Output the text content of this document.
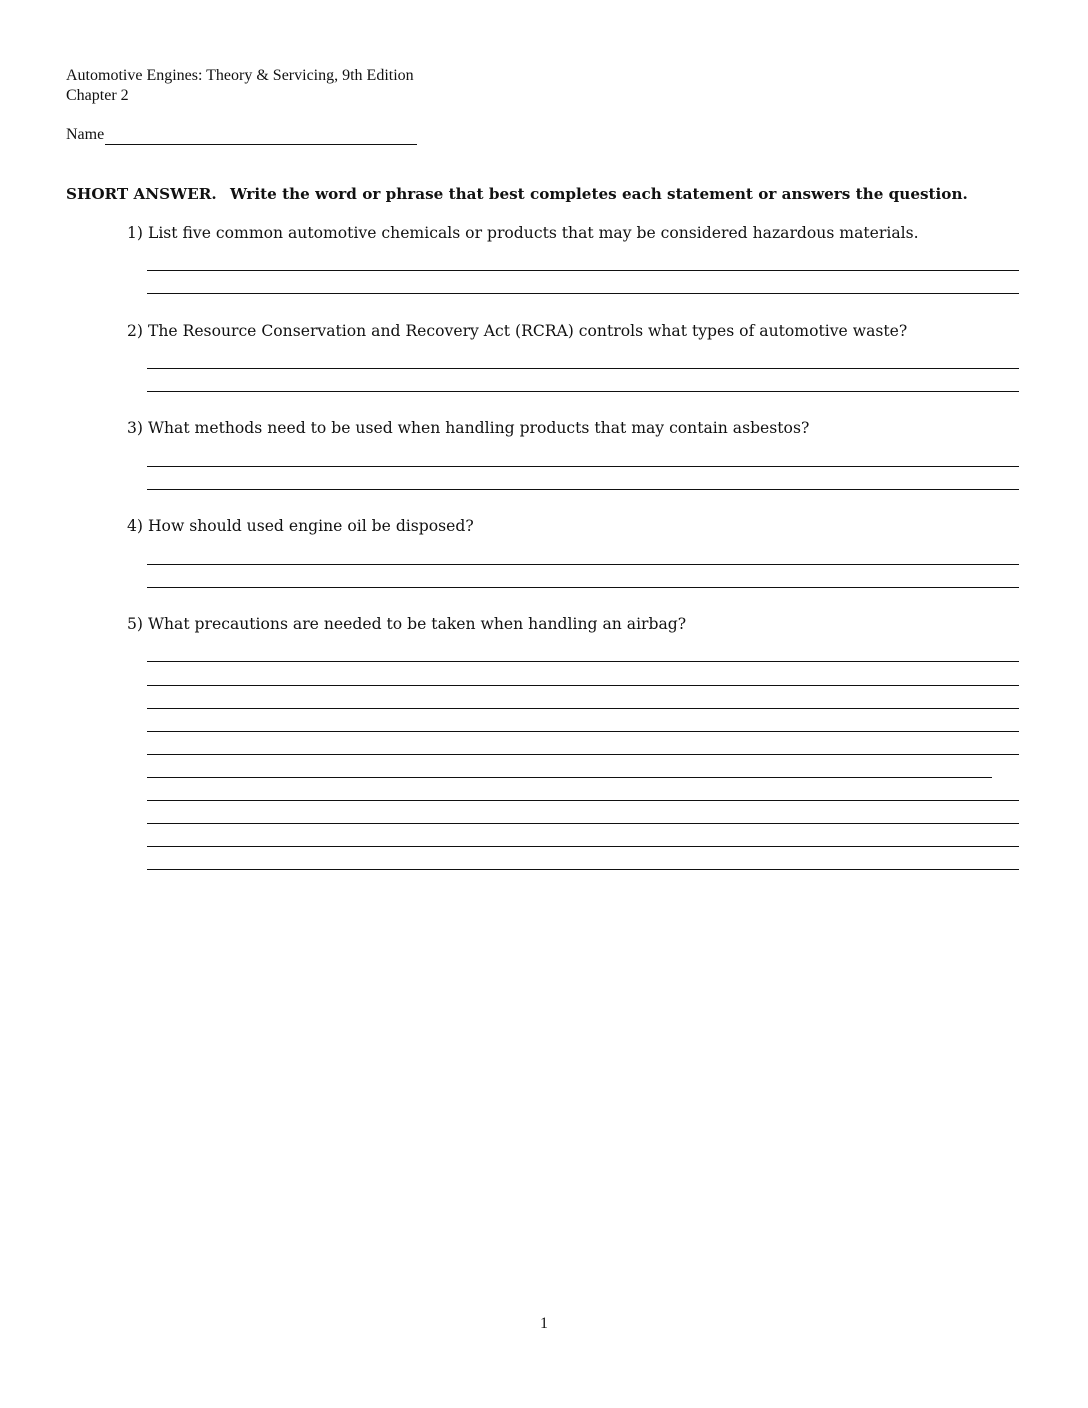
Automotive Engines: Theory & Servicing, 9th Edition
Chapter 2
Name
SHORT ANSWER. Write the word or phrase that best completes each statement or answers the question.
1) List five common automotive chemicals or products that may be considered hazardous materials.
2) The Resource Conservation and Recovery Act (RCRA) controls what types of automotive waste?
3) What methods need to be used when handling products that may contain asbestos?
4) How should used engine oil be disposed?
5) What precautions are needed to be taken when handling an airbag?
1
